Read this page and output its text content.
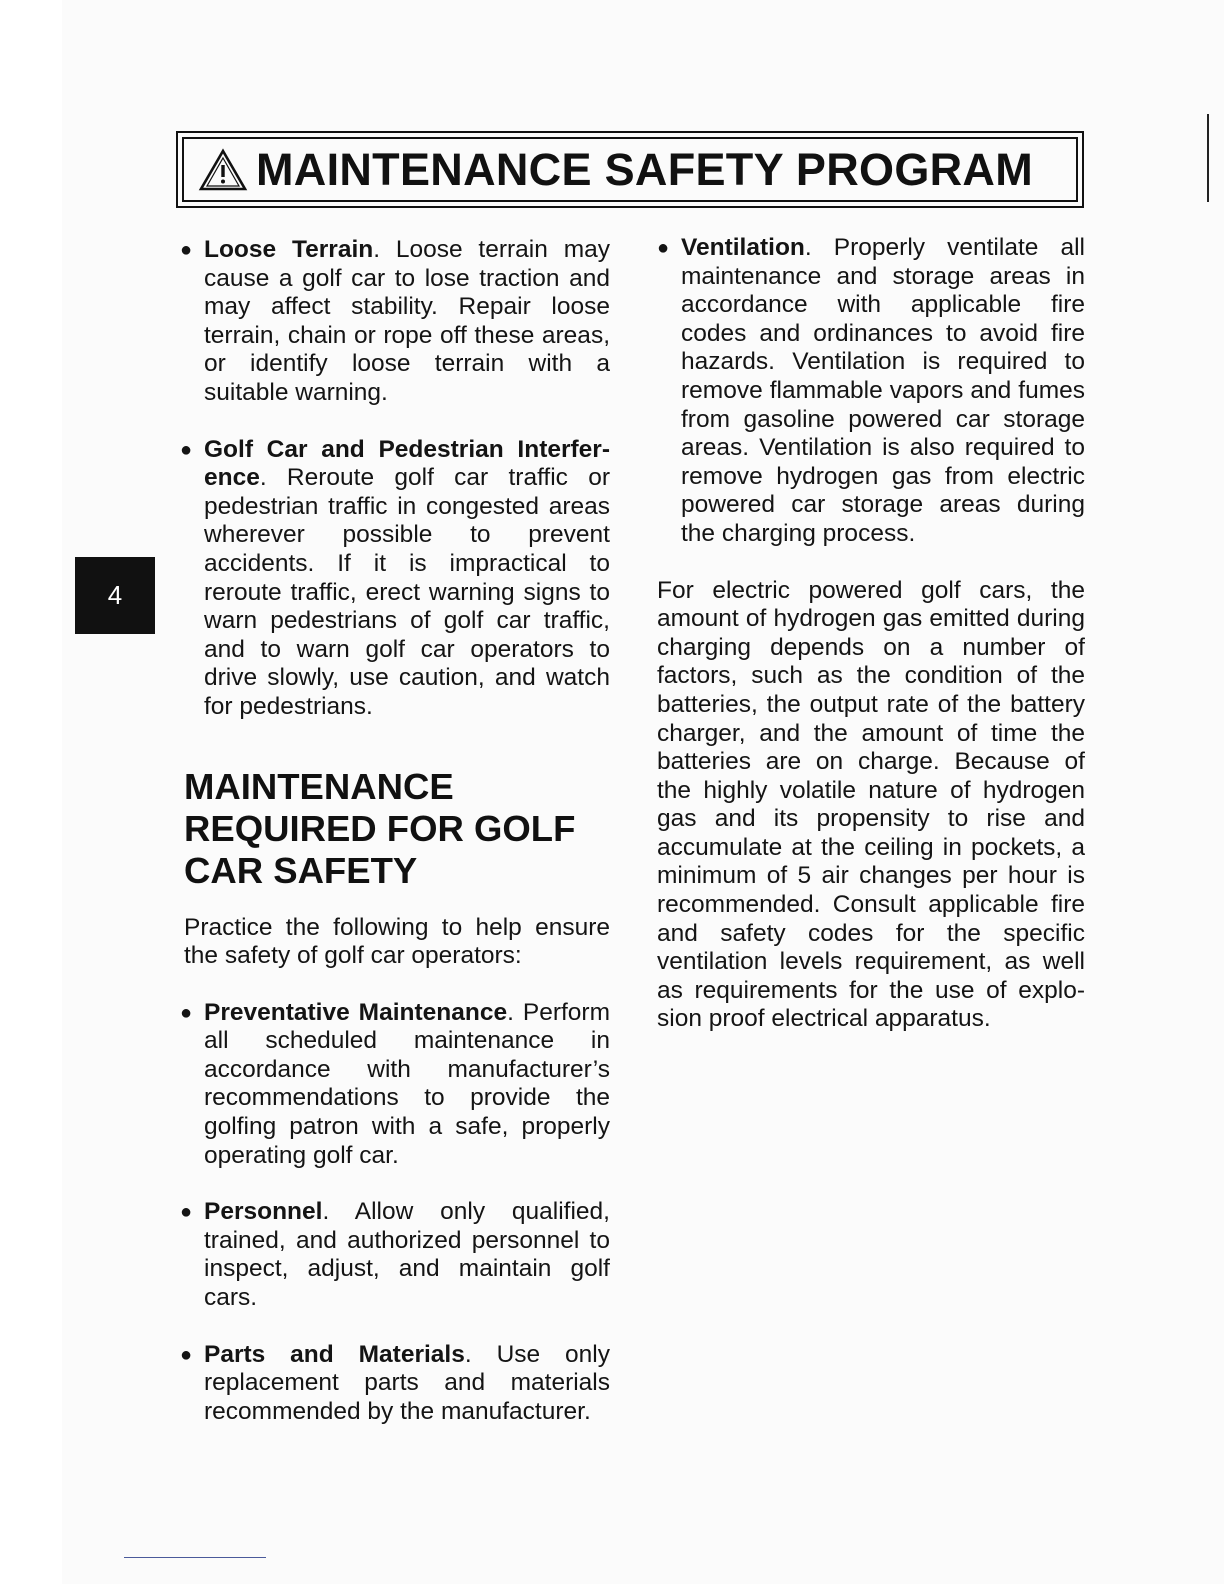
MAINTENANCE SAFETY PROGRAM
4
● Loose Terrain. Loose terrain may cause a golf car to lose traction and may affect stability. Repair loose terrain, chain or rope off these areas, or identify loose terrain with a suitable warning.
● Golf Car and Pedestrian Interference. Reroute golf car traffic or pedestrian traffic in congested areas wherever possible to prevent accidents. If it is impractical to reroute traffic, erect warning signs to warn pedestrians of golf car traffic, and to warn golf car operators to drive slowly, use caution, and watch for pedestrians.
MAINTENANCE REQUIRED FOR GOLF CAR SAFETY
Practice the following to help ensure the safety of golf car operators:
● Preventative Maintenance. Perform all scheduled maintenance in accordance with manufacturer’s recommendations to provide the golfing patron with a safe, properly operating golf car.
● Personnel. Allow only qualified, trained, and authorized personnel to inspect, adjust, and maintain golf cars.
● Parts and Materials. Use only replacement parts and materials recommended by the manufacturer.
● Ventilation. Properly ventilate all maintenance and storage areas in accordance with applicable fire codes and ordinances to avoid fire hazards. Ventilation is required to remove flammable vapors and fumes from gasoline powered car storage areas. Ventilation is also required to remove hydrogen gas from electric powered car storage areas during the charging process.
For electric powered golf cars, the amount of hydrogen gas emitted during charging depends on a number of factors, such as the condition of the batteries, the output rate of the battery charger, and the amount of time the batteries are on charge. Because of the highly volatile nature of hydrogen gas and its propensity to rise and accumulate at the ceiling in pockets, a minimum of 5 air changes per hour is recommended. Consult applicable fire and safety codes for the specific ventilation levels requirement, as well as requirements for the use of explosion proof electrical apparatus.
